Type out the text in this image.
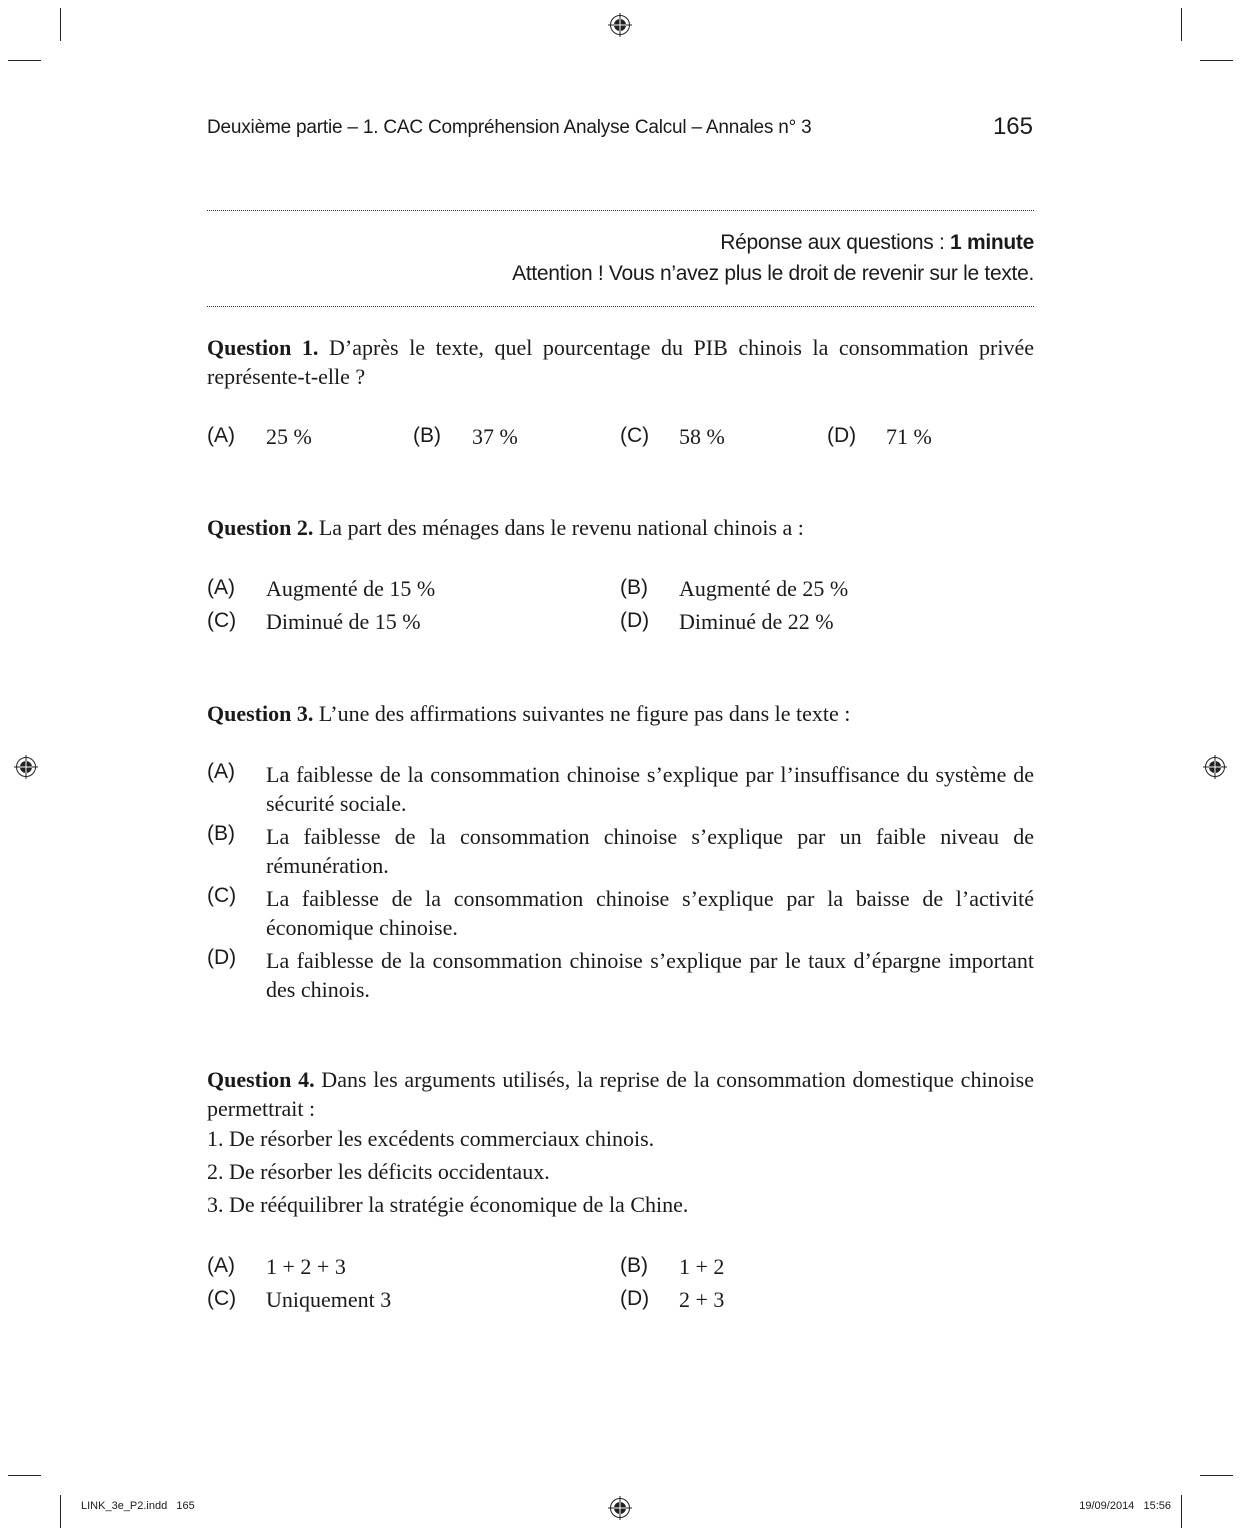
Deuxième partie – 1. CAC Compréhension Analyse Calcul – Annales n° 3	165
Réponse aux questions : 1 minute
Attention ! Vous n’avez plus le droit de revenir sur le texte.
Question 1. D’après le texte, quel pourcentage du PIB chinois la consommation privée représente-t-elle ?
(A) 25 %	(B) 37 %	(C) 58 %	(D) 71 %
Question 2. La part des ménages dans le revenu national chinois a :
(A) Augmenté de 15 %	(B) Augmenté de 25 %
(C) Diminué de 15 %	(D) Diminué de 22 %
Question 3. L’une des affirmations suivantes ne figure pas dans le texte :
(A) La faiblesse de la consommation chinoise s’explique par l’insuffisance du système de sécurité sociale.
(B) La faiblesse de la consommation chinoise s’explique par un faible niveau de rémunération.
(C) La faiblesse de la consommation chinoise s’explique par la baisse de l’activité économique chinoise.
(D) La faiblesse de la consommation chinoise s’explique par le taux d’épargne important des chinois.
Question 4. Dans les arguments utilisés, la reprise de la consommation domestique chinoise permettrait :
1. De résorber les excédents commerciaux chinois.
2. De résorber les déficits occidentaux.
3. De rééquilibrer la stratégie économique de la Chine.
(A) 1 + 2 + 3	(B) 1 + 2
(C) Uniquement 3	(D) 2 + 3
LINK_3e_P2.indd   165	19/09/2014   15:56
